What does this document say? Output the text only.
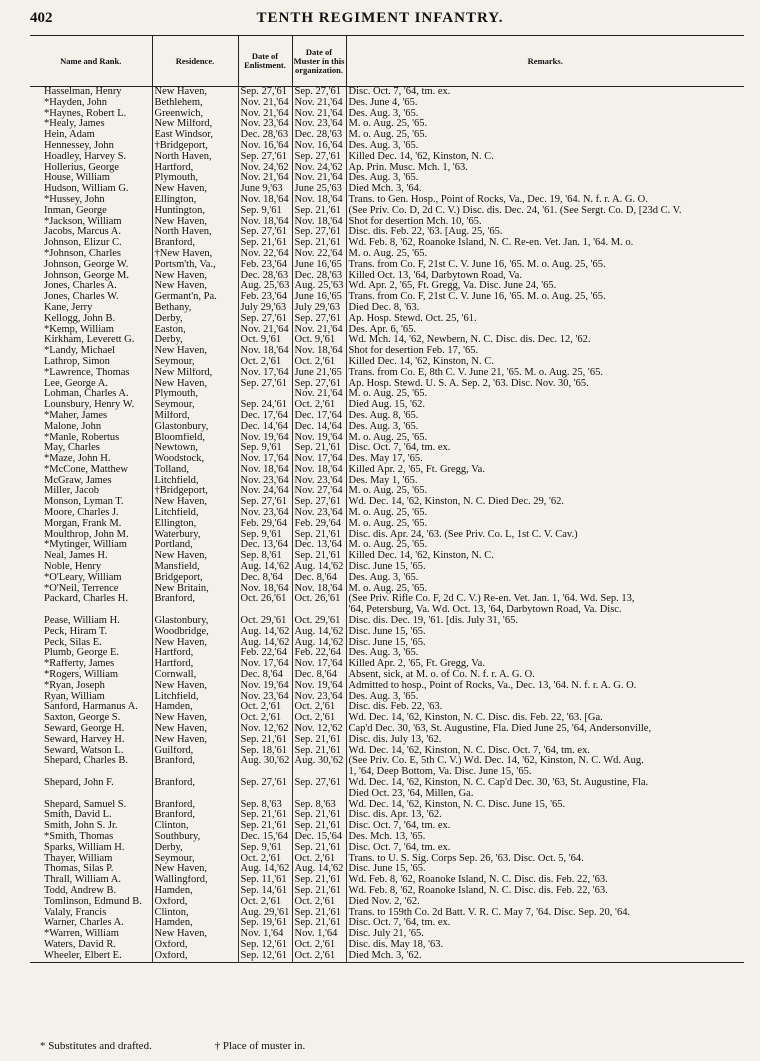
402	TENTH REGIMENT INFANTRY.
Name and Rank.	Residence.	Date of Enlistment.	Date of Muster in this organization.	Remarks.
Hasselman, Henry	New Haven,	Sep. 27,'61	Sep. 27,'61	Disc. Oct. 7, '64, tm. ex.
*Hayden, John	Bethlehem,	Nov. 21,'64	Nov. 21,'64	Des. June 4, '65.
*Haynes, Robert L.	Greenwich,	Nov. 21,'64	Nov. 21,'64	Des. Aug. 3, '65.
*Healy, James	New Milford,	Nov. 23,'64	Nov. 23,'64	M. o. Aug. 25, '65.
Hein, Adam	East Windsor,	Dec. 28,'63	Dec. 28,'63	M. o. Aug. 25, '65.
Hennessey, John	†Bridgeport,	Nov. 16,'64	Nov. 16,'64	Des. Aug. 3, '65.
Hoadley, Harvey S.	North Haven,	Sep. 27,'61	Sep. 27,'61	Killed Dec. 14, '62, Kinston, N. C.
Hollerius, George	Hartford,	Nov. 24,'62	Nov. 24,'62	Ap. Prin. Musc. Mch. 1, '63.
House, William	Plymouth,	Nov. 21,'64	Nov. 21,'64	Des. Aug. 3, '65.
Hudson, William G.	New Haven,	June 9,'63	June 25,'63	Died Mch. 3, '64.
*Hussey, John	Ellington,	Nov. 18,'64	Nov. 18,'64	Trans. to Gen. Hosp., Point of Rocks, Va., Dec. 19, '64. N. f. r. A. G. O.
Inman, George	Huntington,	Sep. 9,'61	Sep. 21,'61	(See Priv. Co. D, 2d C. V.) Disc. dis. Dec. 24, '61. (See Sergt. Co. D, [23d C. V.
*Jackson, William	New Haven,	Nov. 18,'64	Nov. 18,'64	Shot for desertion Mch. 10, '65.
Jacobs, Marcus A.	North Haven,	Sep. 27,'61	Sep. 27,'61	Disc. dis. Feb. 22, '63. [Aug. 25, '65.
Johnson, Elizur C.	Branford,	Sep. 21,'61	Sep. 21,'61	Wd. Feb. 8, '62, Roanoke Island, N. C. Re-en. Vet. Jan. 1, '64. M. o.
*Johnson, Charles	†New Haven,	Nov. 22,'64	Nov. 22,'64	M. o. Aug. 25, '65.
Johnson, George W.	Portsm'th, Va.,	Feb. 23,'64	June 16,'65	Trans. from Co. F, 21st C. V. June 16, '65. M. o. Aug. 25, '65.
Johnson, George M.	New Haven,	Dec. 28,'63	Dec. 28,'63	Killed Oct. 13, '64, Darbytown Road, Va.
Jones, Charles A.	New Haven,	Aug. 25,'63	Aug. 25,'63	Wd. Apr. 2, '65, Ft. Gregg, Va. Disc. June 24, '65.
Jones, Charles W.	Germant'n, Pa.	Feb. 23,'64	June 16,'65	Trans. from Co. F, 21st C. V. June 16, '65. M. o. Aug. 25, '65.
Kane, Jerry	Bethany,	July 29,'63	July 29,'63	Died Dec. 8, '63.
Kellogg, John B.	Derby,	Sep. 27,'61	Sep. 27,'61	Ap. Hosp. Stewd. Oct. 25, '61.
*Kemp, William	Easton,	Nov. 21,'64	Nov. 21,'64	Des. Apr. 6, '65.
Kirkham, Leverett G.	Derby,	Oct. 9,'61	Oct. 9,'61	Wd. Mch. 14, '62, Newbern, N. C. Disc. dis. Dec. 12, '62.
*Landy, Michael	New Haven,	Nov. 18,'64	Nov. 18,'64	Shot for desertion Feb. 17, '65.
Lathrop, Simon	Seymour,	Oct. 2,'61	Oct. 2,'61	Killed Dec. 14, '62, Kinston, N. C.
*Lawrence, Thomas	New Milford,	Nov. 17,'64	June 21,'65	Trans. from Co. E, 8th C. V. June 21, '65. M. o. Aug. 25, '65.
Lee, George A.	New Haven,	Sep. 27,'61	Sep. 27,'61	Ap. Hosp. Stewd. U. S. A. Sep. 2, '63. Disc. Nov. 30, '65.
Lohman, Charles A.	Plymouth,		Nov. 21,'64	M. o. Aug. 25, '65.
Lounsbury, Henry W.	Seymour,	Sep. 24,'61	Oct. 2,'61	Died Aug. 15, '62.
*Maher, James	Milford,	Dec. 17,'64	Dec. 17,'64	Des. Aug. 8, '65.
Malone, John	Glastonbury,	Dec. 14,'64	Dec. 14,'64	Des. Aug. 3, '65.
*Manle, Robertus	Bloomfield,	Nov. 19,'64	Nov. 19,'64	M. o. Aug. 25, '65.
May, Charles	Newtown,	Sep. 9,'61	Sep. 21,'61	Disc. Oct. 7, '64, tm. ex.
*Maze, John H.	Woodstock,	Nov. 17,'64	Nov. 17,'64	Des. May 17, '65.
*McCone, Matthew	Tolland,	Nov. 18,'64	Nov. 18,'64	Killed Apr. 2, '65, Ft. Gregg, Va.
McGraw, James	Litchfield,	Nov. 23,'64	Nov. 23,'64	Des. May 1, '65.
Miller, Jacob	†Bridgeport,	Nov. 24,'64	Nov. 27,'64	M. o. Aug. 25, '65.
Monson, Lyman T.	New Haven,	Sep. 27,'61	Sep. 27,'61	Wd. Dec. 14, '62, Kinston, N. C. Died Dec. 29, '62.
Moore, Charles J.	Litchfield,	Nov. 23,'64	Nov. 23,'64	M. o. Aug. 25, '65.
Morgan, Frank M.	Ellington,	Feb. 29,'64	Feb. 29,'64	M. o. Aug. 25, '65.
Moulthrop, John M.	Waterbury,	Sep. 9,'61	Sep. 21,'61	Disc. dis. Apr. 24, '63. (See Priv. Co. L, 1st C. V. Cav.)
*Mytinger, William	Portland,	Dec. 13,'64	Dec. 13,'64	M. o. Aug. 25, '65.
Neal, James H.	New Haven,	Sep. 8,'61	Sep. 21,'61	Killed Dec. 14, '62, Kinston, N. C.
Noble, Henry	Mansfield,	Aug. 14,'62	Aug. 14,'62	Disc. June 15, '65.
*O'Leary, William	Bridgeport,	Dec. 8,'64	Dec. 8,'64	Des. Aug. 3, '65.
*O'Neil, Terrence	New Britain,	Nov. 18,'64	Nov. 18,'64	M. o. Aug. 25, '65.
Packard, Charles H.	Branford,	Oct. 26,'61	Oct. 26,'61	(See Priv. Rifle Co. F, 2d C. V.) Re-en. Vet. Jan. 1, '64. Wd. Sep. 13,
				'64, Petersburg, Va. Wd. Oct. 13, '64, Darbytown Road, Va. Disc.
Pease, William H.	Glastonbury,	Oct. 29,'61	Oct. 29,'61	Disc. dis. Dec. 19, '61. [dis. July 31, '65.
Peck, Hiram T.	Woodbridge,	Aug. 14,'62	Aug. 14,'62	Disc. June 15, '65.
Peck, Silas E.	New Haven,	Aug. 14,'62	Aug. 14,'62	Disc. June 15, '65.
Plumb, George E.	Hartford,	Feb. 22,'64	Feb. 22,'64	Des. Aug. 3, '65.
*Rafferty, James	Hartford,	Nov. 17,'64	Nov. 17,'64	Killed Apr. 2, '65, Ft. Gregg, Va.
*Rogers, William	Cornwall,	Dec. 8,'64	Dec. 8,'64	Absent, sick, at M. o. of Co. N. f. r. A. G. O.
*Ryan, Joseph	New Haven,	Nov. 19,'64	Nov. 19,'64	Admitted to hosp., Point of Rocks, Va., Dec. 13, '64. N. f. r. A. G. O.
Ryan, William	Litchfield,	Nov. 23,'64	Nov. 23,'64	Des. Aug. 3, '65.
Sanford, Harmanus A.	Hamden,	Oct. 2,'61	Oct. 2,'61	Disc. dis. Feb. 22, '63.
Saxton, George S.	New Haven,	Oct. 2,'61	Oct. 2,'61	Wd. Dec. 14, '62, Kinston, N. C. Disc. dis. Feb. 22, '63. [Ga.
Seward, George H.	New Haven,	Nov. 12,'62	Nov. 12,'62	Cap'd Dec. 30, '63, St. Augustine, Fla. Died June 25, '64, Andersonville,
Seward, Harvey H.	New Haven,	Sep. 21,'61	Sep. 21,'61	Disc. dis. July 13, '62.
Seward, Watson L.	Guilford,	Sep. 18,'61	Sep. 21,'61	Wd. Dec. 14, '62, Kinston, N. C. Disc. Oct. 7, '64, tm. ex.
Shepard, Charles B.	Branford,	Aug. 30,'62	Aug. 30,'62	(See Priv. Co. E, 5th C. V.) Wd. Dec. 14, '62, Kinston, N. C. Wd. Aug.
				1, '64, Deep Bottom, Va. Disc. June 15, '65.
Shepard, John F.	Branford,	Sep. 27,'61	Sep. 27,'61	Wd. Dec. 14, '62, Kinston, N. C. Cap'd Dec. 30, '63, St. Augustine, Fla.
				Died Oct. 23, '64, Millen, Ga.
Shepard, Samuel S.	Branford,	Sep. 8,'63	Sep. 8,'63	Wd. Dec. 14, '62, Kinston, N. C. Disc. June 15, '65.
Smith, David L.	Branford,	Sep. 21,'61	Sep. 21,'61	Disc. dis. Apr. 13, '62.
Smith, John S. Jr.	Clinton,	Sep. 21,'61	Sep. 21,'61	Disc. Oct. 7, '64, tm. ex.
*Smith, Thomas	Southbury,	Dec. 15,'64	Dec. 15,'64	Des. Mch. 13, '65.
Sparks, William H.	Derby,	Sep. 9,'61	Sep. 21,'61	Disc. Oct. 7, '64, tm. ex.
Thayer, William	Seymour,	Oct. 2,'61	Oct. 2,'61	Trans. to U. S. Sig. Corps Sep. 26, '63. Disc. Oct. 5, '64.
Thomas, Silas P.	New Haven,	Aug. 14,'62	Aug. 14,'62	Disc. June 15, '65.
Thrall, William A.	Wallingford,	Sep. 11,'61	Sep. 21,'61	Wd. Feb. 8, '62, Roanoke Island, N. C. Disc. dis. Feb. 22, '63.
Todd, Andrew B.	Hamden,	Sep. 14,'61	Sep. 21,'61	Wd. Feb. 8, '62, Roanoke Island, N. C. Disc. dis. Feb. 22, '63.
Tomlinson, Edmund B.	Oxford,	Oct. 2,'61	Oct. 2,'61	Died Nov. 2, '62.
Valaly, Francis	Clinton,	Aug. 29,'61	Sep. 21,'61	Trans. to 159th Co. 2d Batt. V. R. C. May 7, '64. Disc. Sep. 20, '64.
Warner, Charles A.	Hamden,	Sep. 19,'61	Sep. 21,'61	Disc. Oct. 7, '64, tm. ex.
*Warren, William	New Haven,	Nov. 1,'64	Nov. 1,'64	Disc. July 21, '65.
Waters, David R.	Oxford,	Sep. 12,'61	Oct. 2,'61	Disc. dis. May 18, '63.
Wheeler, Elbert E.	Oxford,	Sep. 12,'61	Oct. 2,'61	Died Mch. 3, '62.
* Substitutes and drafted.	† Place of muster in.
